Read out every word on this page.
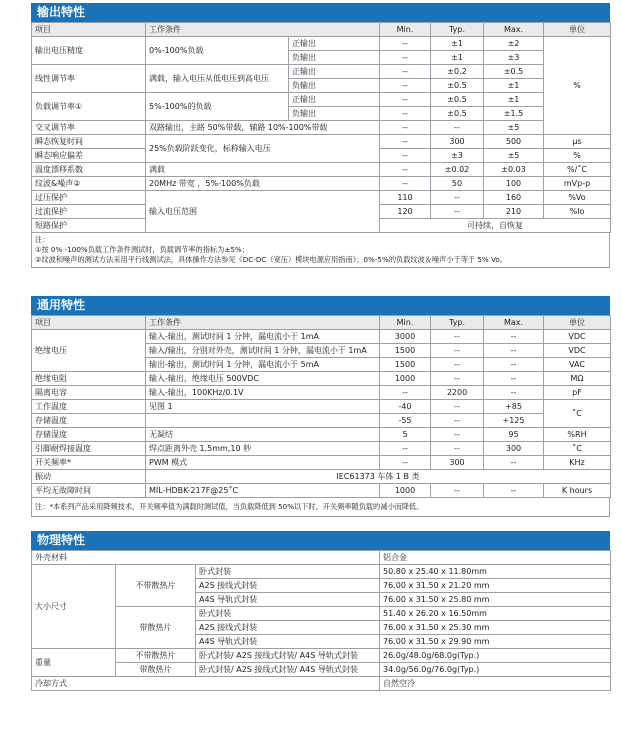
输出特性
项目	工作条件		Min.	Typ.	Max.	单位
输出电压精度	0%-100%负载	正输出	--	±1	±2	%
		负输出	--	±1	±3	
线性调节率	满载，输入电压从低电压到高电压	正输出	--	±0.2	±0.5	
		负输出	--	±0.5	±1	
负载调节率①	5%-100%的负载	正输出	--	±0.5	±1	
		负输出	--	±0.5	±1.5	
交叉调节率	双路输出，主路 50%带载，辅路 10%-100%带载		--	--	±5	
瞬态恢复时间	25%负载阶跃变化，标称输入电压		--	300	500	µs
瞬态响应偏差			--	±3	±5	%
温度漂移系数	满载		--	±0.02	±0.03	%/˚C
纹波&噪声②	20MHz 带宽 ，5%-100%负载		--	50	100	mVp-p
过压保护	输入电压范围		110	--	160	%Vo
过流保护			120	--	210	%Io
短路保护			可持续，自恢复			
注：
①按 0% -100%负载工作条件测试时，负载调节率的指标为±5%；
②纹波和噪声的测试方法采用平行线测试法，具体操作方法参见《DC-DC（宽压）模块电源应用指南》；0%-5%的负载纹波＆噪声小于等于 5% Vo。
通用特性
项目	工作条件	Min.	Typ.	Max.	单位
绝缘电压	输入-输出，测试时间 1 分钟，漏电流小于 1mA	3000	--	--	VDC
	输入/输出，分别对外壳，测试时间 1 分钟，漏电流小于 1mA	1500	--	--	VDC
	输出-输出，测试时间 1 分钟，漏电流小于 5mA	1500	--	--	VAC
绝缘电阻	输入-输出，绝缘电压 500VDC	1000	--	--	MΩ
隔离电容	输入-输出，100KHz/0.1V	--	2200	--	pF
工作温度	见图 1	-40	--	+85	˚C
存储温度		-55	--	+125	
存储湿度	无凝结	5	--	95	%RH
引脚耐焊接温度	焊点距离外壳 1.5mm,10 秒	--	--	300	˚C
开关频率*	PWM 模式	--	300	--	KHz
振动	IEC61373 车体 1 B 类				
平均无故障时间	MIL-HDBK-217F@25˚C	1000	--	--	K hours
注：*本系列产品采用降频技术，开关频率值为满载时测试值，当负载降低到 50%以下时，开关频率随负载的减小而降低。
物理特性
外壳材料			铝合金
大小尺寸	不带散热片	卧式封装	50.80 x 25.40 x 11.80mm
		A2S 接线式封装	76.00 x 31.50 x 21.20 mm
		A4S 导轨式封装	76.00 x 31.50 x 25.80 mm
	带散热片	卧式封装	51.40 x 26.20 x 16.50mm
		A2S 接线式封装	76.00 x 31.50 x 25.30 mm
		A4S 导轨式封装	76.00 x 31.50 x 29.90 mm
重量	不带散热片	卧式封装/ A2S 接线式封装/ A4S 导轨式封装	26.0g/48.0g/68.0g(Typ.)
	带散热片	卧式封装/ A2S 接线式封装/ A4S 导轨式封装	34.0g/56.0g/76.0g(Typ.)
冷却方式			自然空冷
